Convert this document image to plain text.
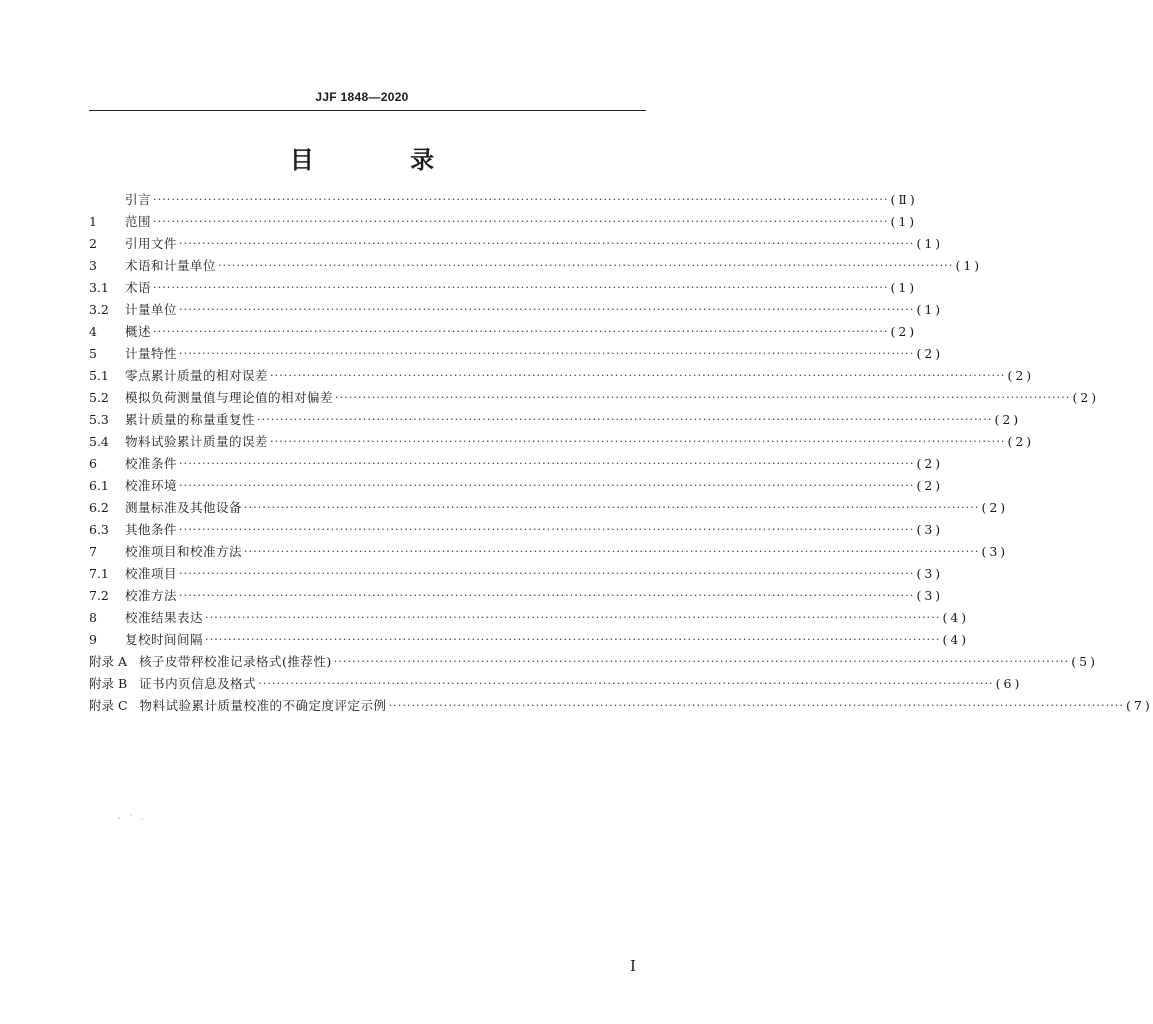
JJF 1848—2020
目 录
引言 ································································································································································ (Ⅱ)
1	范围 ································································································································································ (1)
2	引用文件 ································································································································································ (1)
3	术语和计量单位 ································································································································································ (1)
3.1	术语 ································································································································································ (1)
3.2	计量单位 ································································································································································ (1)
4	概述 ································································································································································ (2)
5	计量特性 ································································································································································ (2)
5.1	零点累计质量的相对误差 ································································································································································ (2)
5.2	模拟负荷测量值与理论值的相对偏差 ································································································································································ (2)
5.3	累计质量的称量重复性 ································································································································································ (2)
5.4	物料试验累计质量的误差 ································································································································································ (2)
6	校准条件 ································································································································································ (2)
6.1	校准环境 ································································································································································ (2)
6.2	测量标准及其他设备 ································································································································································ (2)
6.3	其他条件 ································································································································································ (3)
7	校准项目和校准方法 ································································································································································ (3)
7.1	校准项目 ································································································································································ (3)
7.2	校准方法 ································································································································································ (3)
8	校准结果表达 ································································································································································ (4)
9	复校时间间隔 ································································································································································ (4)
附录 A 核子皮带秤校准记录格式(推荐性) ································································································································································ (5)
附录 B 证书内页信息及格式 ································································································································································ (6)
附录 C 物料试验累计质量校准的不确定度评定示例 ································································································································································ (7)
I
